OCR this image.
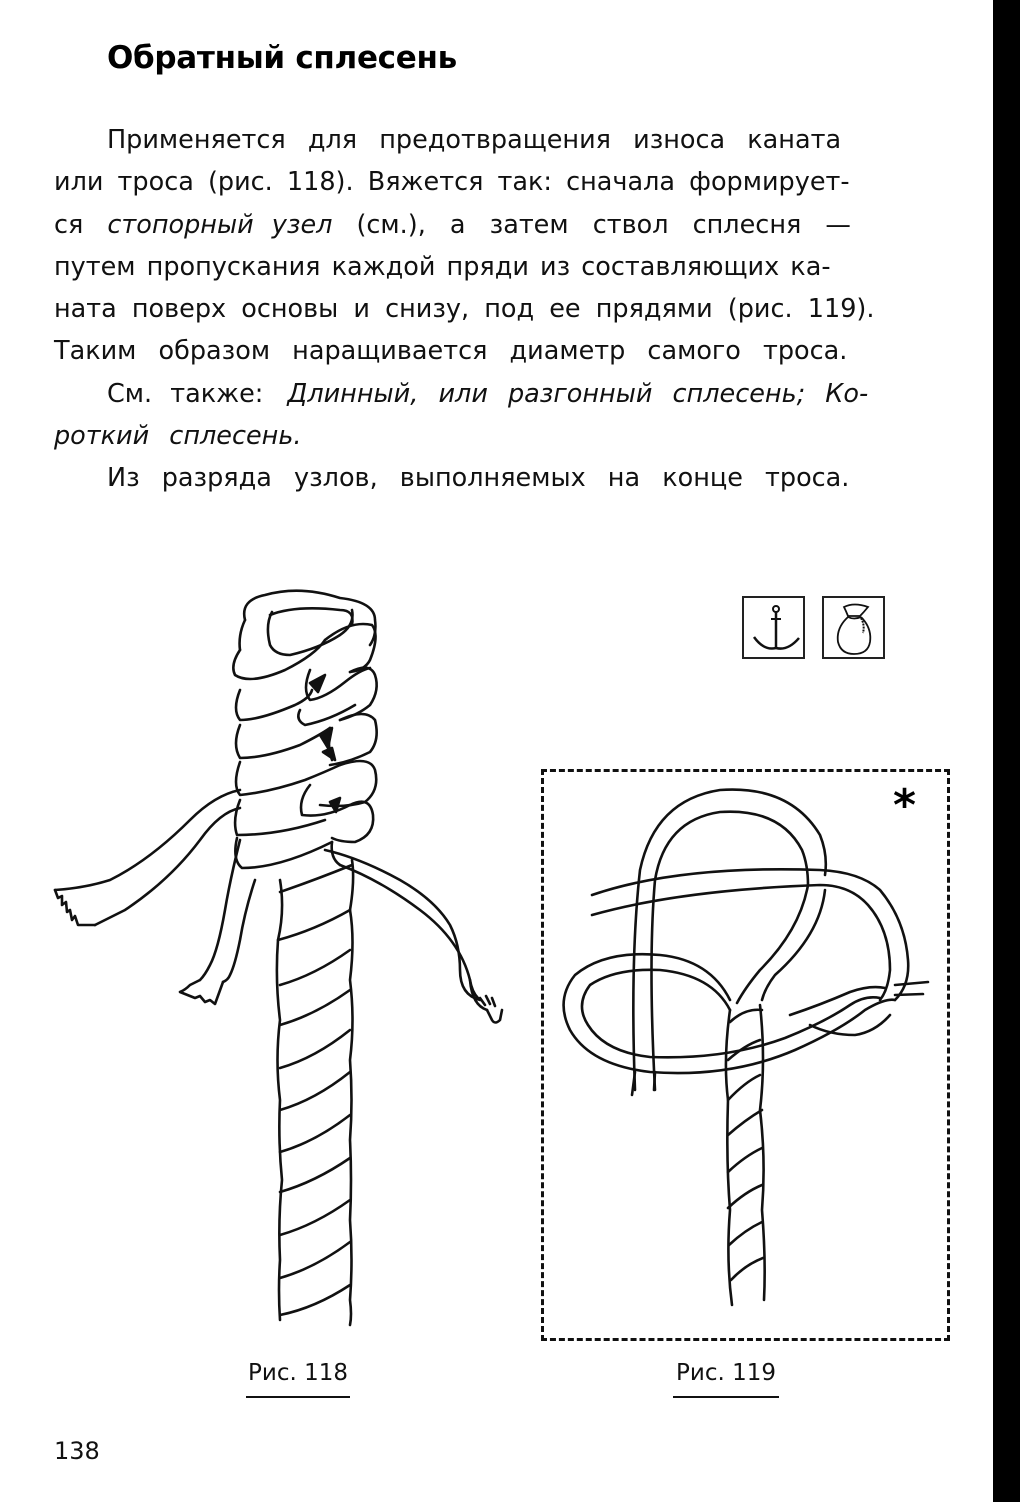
Обратный сплесень
Применяется для предотвращения износа каната
или троса (рис. 118). Вяжется так: сначала формирует-
ся стопорный узел (см.), а затем ствол сплесня —
путем пропускания каждой пряди из составляющих ка-
ната поверх основы и снизу, под ее прядями (рис. 119).
Таким образом наращивается диаметр самого троса.
См. также: Длинный, или разгонный сплесень; Ко-
роткий сплесень.
Из разряда узлов, выполняемых на конце троса.
*
Рис. 118	Рис. 119
138
